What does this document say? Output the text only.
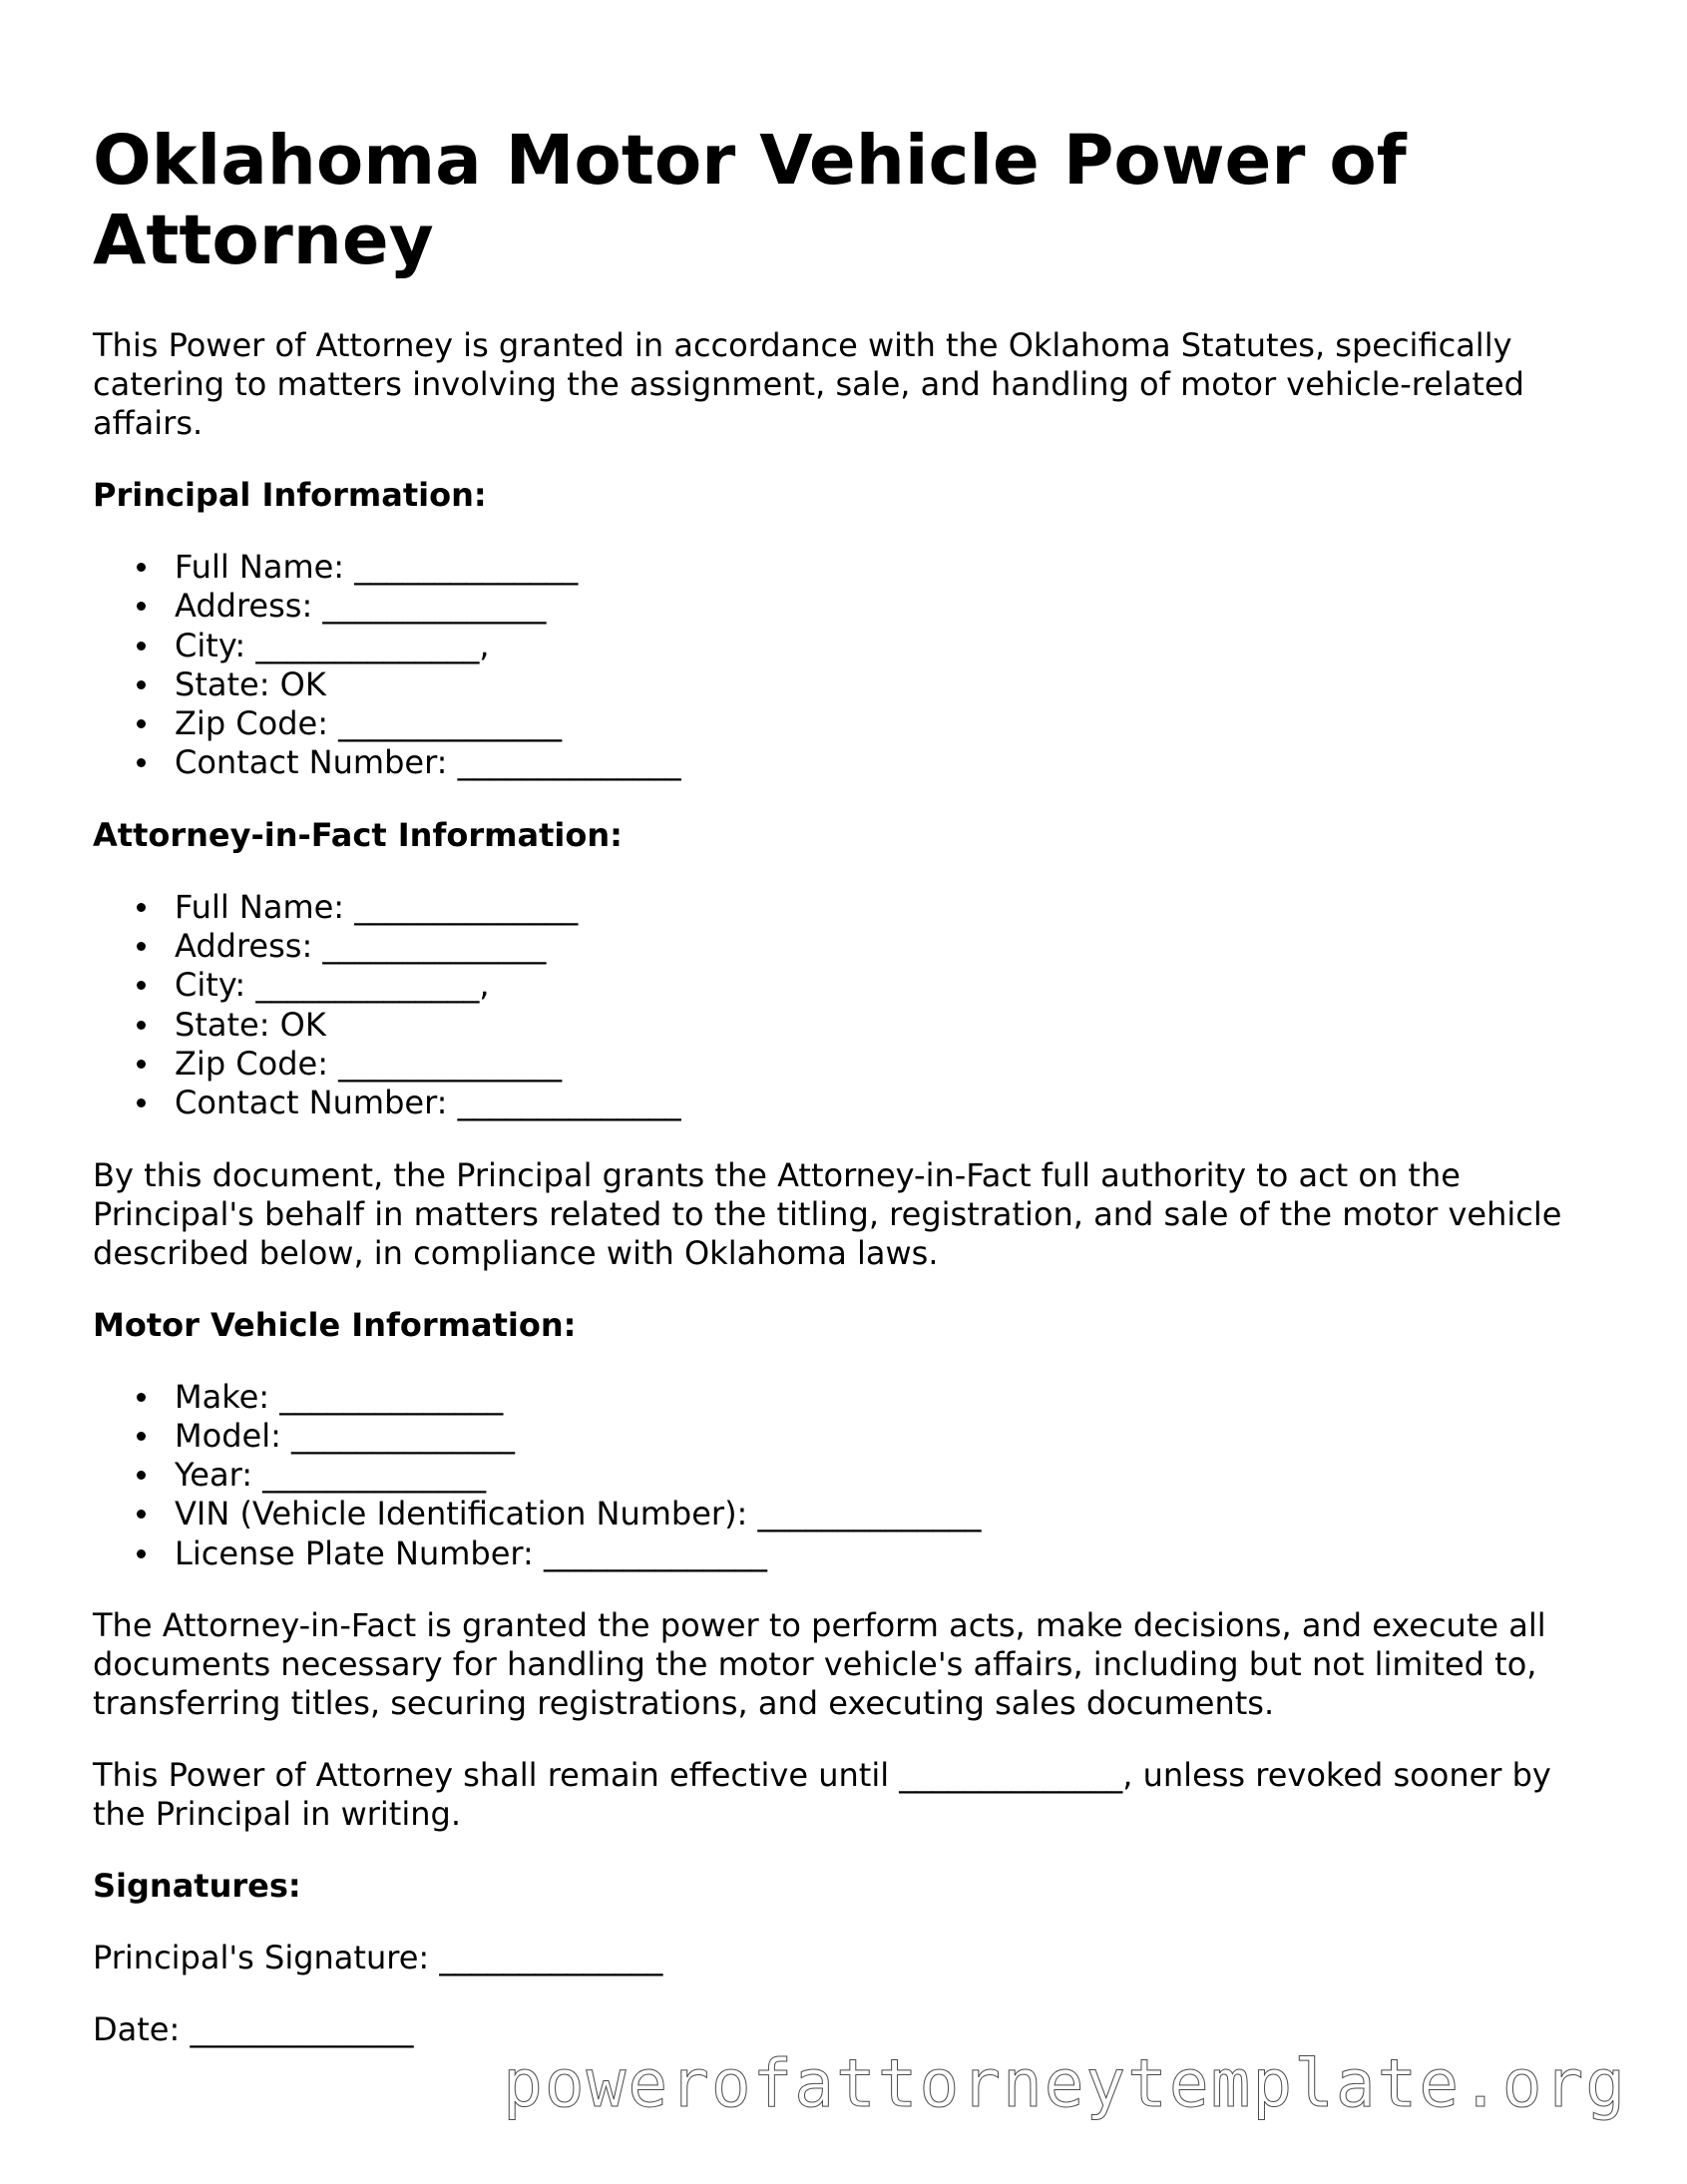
Oklahoma Motor Vehicle Power of Attorney

This Power of Attorney is granted in accordance with the Oklahoma Statutes, specifically catering to matters involving the assignment, sale, and handling of motor vehicle-related affairs.

Principal Information:
Full Name: ______________
Address: ______________
City: ______________,
State: OK
Zip Code: ______________
Contact Number: ______________
Attorney-in-Fact Information:
Full Name: ______________
Address: ______________
City: ______________,
State: OK
Zip Code: ______________
Contact Number: ______________

By this document, the Principal grants the Attorney-in-Fact full authority to act on the Principal's behalf in matters related to the titling, registration, and sale of the motor vehicle described below, in compliance with Oklahoma laws.

Motor Vehicle Information:
Make: ______________
Model: ______________
Year: ______________
VIN (Vehicle Identification Number): ______________
License Plate Number: ______________

The Attorney-in-Fact is granted the power to perform acts, make decisions, and execute all documents necessary for handling the motor vehicle's affairs, including but not limited to, transferring titles, securing registrations, and executing sales documents.

This Power of Attorney shall remain effective until ______________, unless revoked sooner by the Principal in writing.

Signatures:

Principal's Signature: ______________

Date: ______________

powerofattorneytemplate.org
